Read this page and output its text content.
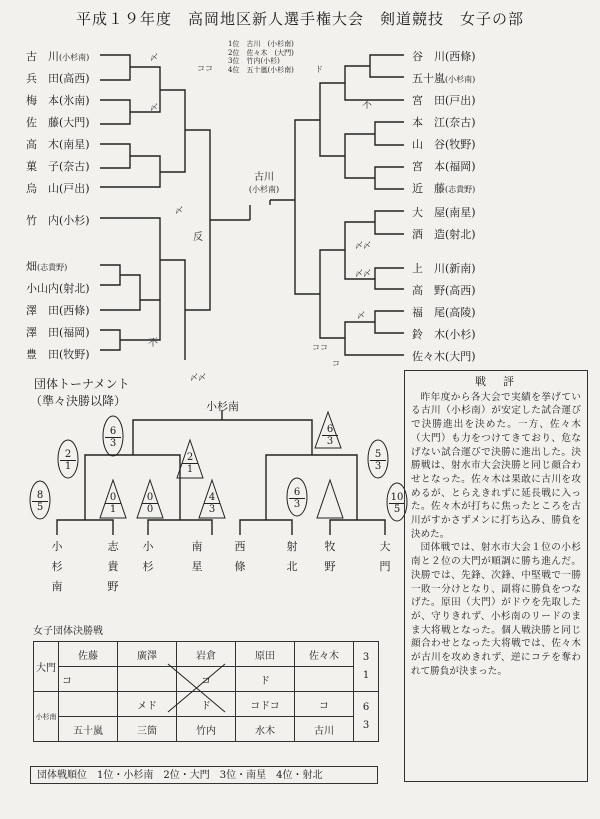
平成１９年度　高岡地区新人選手権大会　剣道競技　女子の部
1位　古川　(小杉南)
2位　佐々木　(大門)
3位　竹内(小杉)
4位　五十嵐(小杉南)
古川
(小杉南)
古　川(小杉南)
兵　田(高西)
梅　本(氷南)
佐　藤(大門)
高　木(南星)
菓　子(奈古)
烏　山(戸出)
竹　内(小杉)
畑(志貴野)
小山内(射北)
澤　田(西條)
澤　田(福岡)
豊　田(牧野)
谷　川(西條)
五十嵐(小杉南)
宮　田(戸出)
本　江(奈古)
山　谷(牧野)
宮　本(福岡)
近　藤(志貴野)
大　屋(南星)
酒　造(射北)
上　川(新南)
高　野(高西)
福　尾(高陵)
鈴　木(小杉)
佐々木(大門)
反
不
不
ココ
〆
〆
〆
ド
〆〆
〆〆
〆
ココ
コ
〆〆
団体トーナメント
（準々決勝以降）	小杉南
8
5
0
0
4
3
6
3
0
1
10
5
2
1
6
3
5
3
2
1
6
3
小
杉
南
志
貴
野
小
杉
南
星
西
條
射
北
牧
野
大
門
女子団体決勝戦
大門	佐藤	廣澤	岩倉	原田	佐々木	3
1

	コ		コ	ド		
小杉南		メド	ド	コドコ	コ	6
3

	五十嵐	三箇	竹内	水木	古川	
団体戦順位　1位・小杉南　2位・大門　3位・南星　4位・射北
戦　評

昨年度から各大会で実績を挙げている古川（小杉南）が安定した試合運びで決勝進出を決めた。一方、佐々木（大門）も力をつけてきており、危なげない試合運びで決勝に進出した。決勝戦は、射水市大会決勝と同じ顔合わせとなった。佐々木は果敢に古川を攻めるが、とらえきれずに延長戦に入った。佐々木が打ちに焦ったところを古川がすかさずメンに打ち込み、勝負を決めた。

団体戦では、射水市大会１位の小杉南と２位の大門が順調に勝ち進んだ。決勝では、先鋒、次鋒、中堅戦で一勝一敗一分けとなり、副将に勝負をつなげた。原田（大門）がドウを先取したが、守りきれず、小杉南のリードのまま大将戦となった。個人戦決勝と同じ顔合わせとなった大将戦では、佐々木が古川を攻めきれず、逆にコテを奪われて勝負が決まった。
